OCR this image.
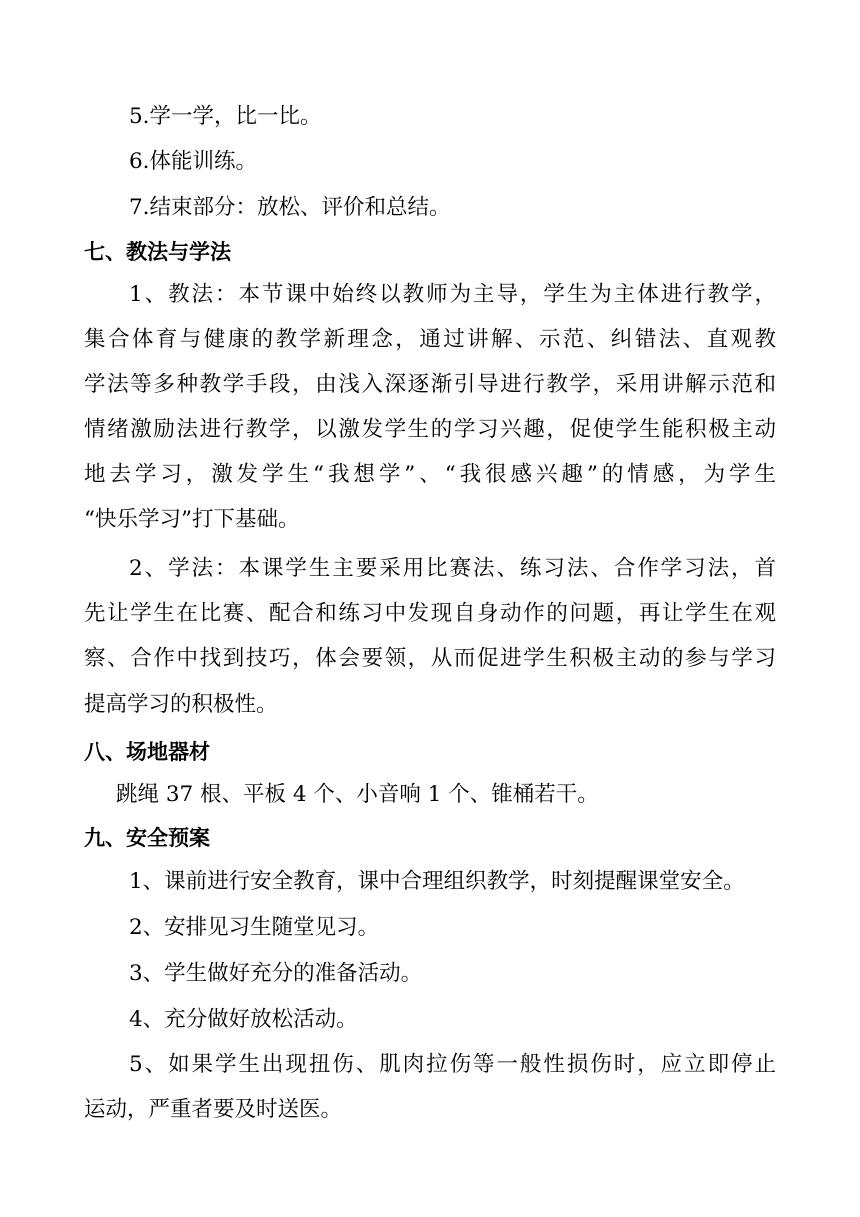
5.学一学，比一比。
6.体能训练。
7.结束部分：放松、评价和总结。
七、教法与学法
1、教法：本节课中始终以教师为主导，学生为主体进行教学，
集合体育与健康的教学新理念，通过讲解、示范、纠错法、直观教
学法等多种教学手段，由浅入深逐渐引导进行教学，采用讲解示范和
情绪激励法进行教学，以激发学生的学习兴趣，促使学生能积极主动
地去学习，激发学生“我想学”、“我很感兴趣”的情感，为学生
“快乐学习”打下基础。
2、学法：本课学生主要采用比赛法、练习法、合作学习法，首
先让学生在比赛、配合和练习中发现自身动作的问题，再让学生在观
察、合作中找到技巧，体会要领，从而促进学生积极主动的参与学习
提高学习的积极性。
八、场地器材
跳绳 37 根、平板 4 个、小音响 1 个、锥桶若干。
九、安全预案
1、课前进行安全教育，课中合理组织教学，时刻提醒课堂安全。
2、安排见习生随堂见习。
3、学生做好充分的准备活动。
4、充分做好放松活动。
5、如果学生出现扭伤、肌肉拉伤等一般性损伤时，应立即停止
运动，严重者要及时送医。
